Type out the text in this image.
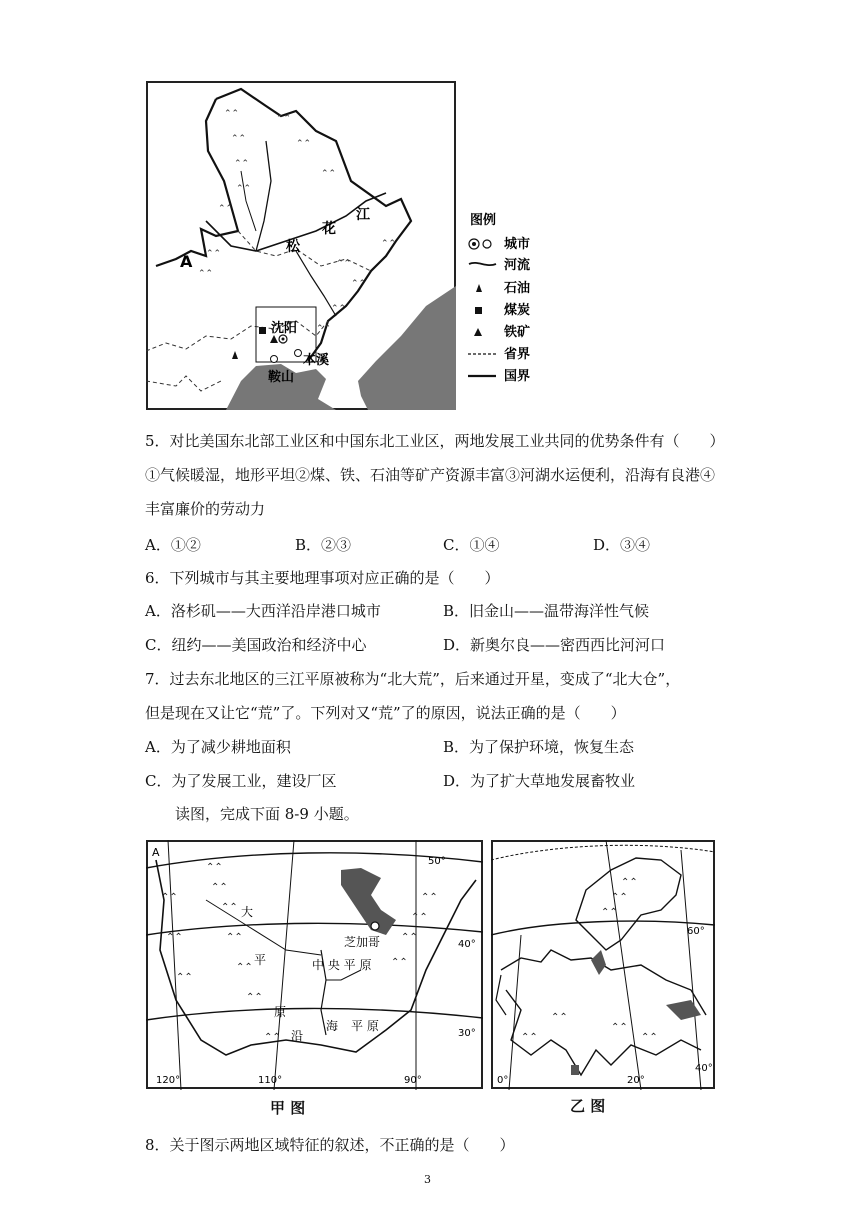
⌃⌃
⌃⌃
⌃⌃
⌃⌃
⌃⌃
⌃⌃
⌃⌃
⌃⌃
⌃⌃
⌃⌃
⌃⌃
⌃⌃
⌃⌃
⌃⌃
⌃⌃
A
松
花
江
沈阳
本溪
鞍山
图例
城市
河流
石油
煤炭
铁矿
省界
国界
5．对比美国东北部工业区和中国东北工业区，两地发展工业共同的优势条件有（　　）
①气候暖湿，地形平坦②煤、铁、石油等矿产资源丰富③河湖水运便利，沿海有良港④
丰富廉价的劳动力
A．①②	B．②③	C．①④	D．③④
6．下列城市与其主要地理事项对应正确的是（　　）
A．洛杉矶——大西洋沿岸港口城市	B．旧金山——温带海洋性气候
C．纽约——美国政治和经济中心	D．新奥尔良——密西西比河河口
7．过去东北地区的三江平原被称为“北大荒”，后来通过开星，变成了“北大仓”，
但是现在又让它“荒”了。下列对又“荒”了的原因，说法正确的是（　　）
A．为了减少耕地面积	B．为了保护环境，恢复生态
C．为了发展工业，建设厂区	D．为了扩大草地发展畜牧业
读图，完成下面 8-9 小题。
⌃⌃
⌃⌃
⌃⌃
⌃⌃
⌃⌃
⌃⌃
⌃⌃
⌃⌃
⌃⌃
⌃⌃
⌃⌃
⌃⌃
⌃⌃
⌃⌃
A
大
平
原
中 央 平 原
芝加哥
沿
海 平 原
50°
40°
30°
120°	110°	90°
甲 图
⌃⌃
⌃⌃
⌃⌃
⌃⌃
⌃⌃
⌃⌃
⌃⌃
60°
0°	20°
40°
乙 图
8．关于图示两地区域特征的叙述，不正确的是（　　）
3
